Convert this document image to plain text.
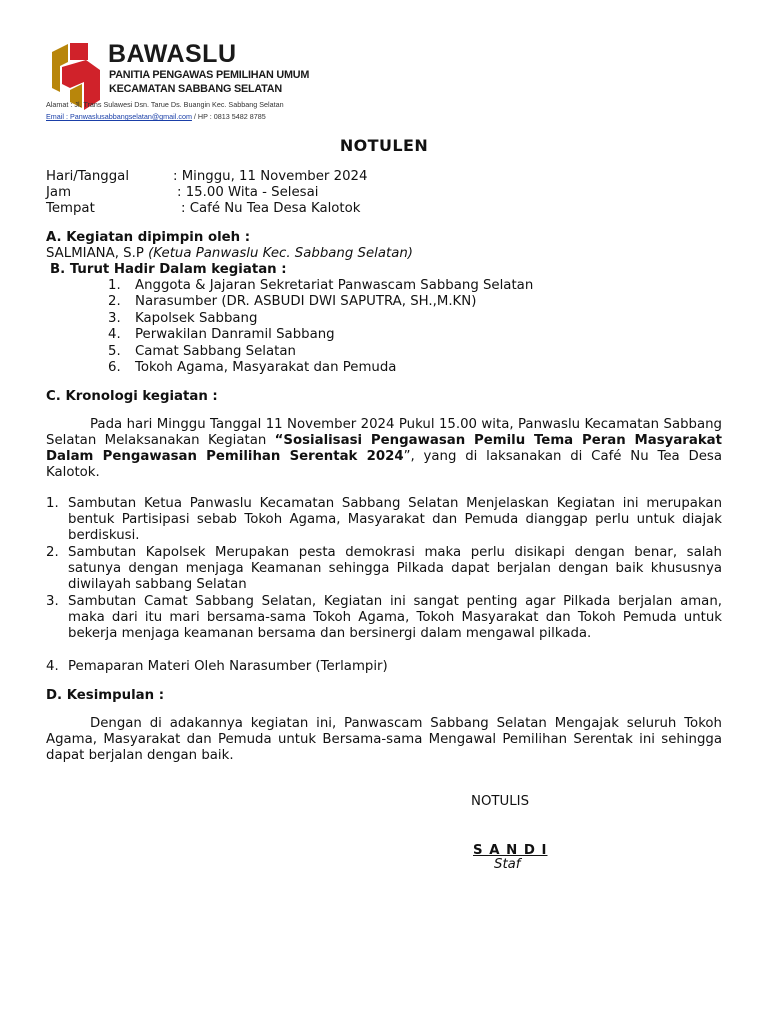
BAWASLU
PANITIA PENGAWAS PEMILIHAN UMUM
KECAMATAN SABBANG SELATAN
Alamat : Jl. Trans Sulawesi Dsn. Tarue Ds. Buangin Kec. Sabbang Selatan
Email : Panwaslusabbangselatan@gmail.com / HP : 0813 5482 8785
NOTULEN
Hari/Tanggal	: Minggu, 11 November 2024
Jam	: 15.00 Wita - Selesai
Tempat	: Café Nu Tea Desa Kalotok
A. Kegiatan dipimpin oleh :
SALMIANA, S.P (Ketua Panwaslu Kec. Sabbang Selatan)
B. Turut Hadir Dalam kegiatan :
1. Anggota & Jajaran Sekretariat Panwascam Sabbang Selatan
2. Narasumber (DR. ASBUDI DWI SAPUTRA, SH.,M.KN)
3. Kapolsek Sabbang
4. Perwakilan Danramil Sabbang
5. Camat Sabbang Selatan
6. Tokoh Agama, Masyarakat dan Pemuda
C. Kronologi kegiatan :
Pada hari Minggu Tanggal 11 November 2024 Pukul 15.00 wita, Panwaslu Kecamatan Sabbang Selatan Melaksanakan Kegiatan “Sosialisasi Pengawasan Pemilu Tema Peran Masyarakat Dalam Pengawasan Pemilihan Serentak 2024”, yang di laksanakan di Café Nu Tea Desa Kalotok.
1. Sambutan Ketua Panwaslu Kecamatan Sabbang Selatan Menjelaskan Kegiatan ini merupakan bentuk Partisipasi sebab Tokoh Agama, Masyarakat dan Pemuda dianggap perlu untuk diajak berdiskusi.
2. Sambutan Kapolsek Merupakan pesta demokrasi maka perlu disikapi dengan benar, salah satunya dengan menjaga Keamanan sehingga Pilkada dapat berjalan dengan baik khususnya diwilayah sabbang Selatan
3. Sambutan Camat Sabbang Selatan, Kegiatan ini sangat penting agar Pilkada berjalan aman, maka dari itu mari bersama-sama Tokoh Agama, Tokoh Masyarakat dan Tokoh Pemuda untuk bekerja menjaga keamanan bersama dan bersinergi dalam mengawal pilkada.
4. Pemaparan Materi Oleh Narasumber (Terlampir)
D. Kesimpulan :
Dengan di adakannya kegiatan ini, Panwascam Sabbang Selatan Mengajak seluruh Tokoh Agama, Masyarakat dan Pemuda untuk Bersama-sama Mengawal Pemilihan Serentak ini sehingga dapat berjalan dengan baik.
NOTULIS
S A N D I
Staf
